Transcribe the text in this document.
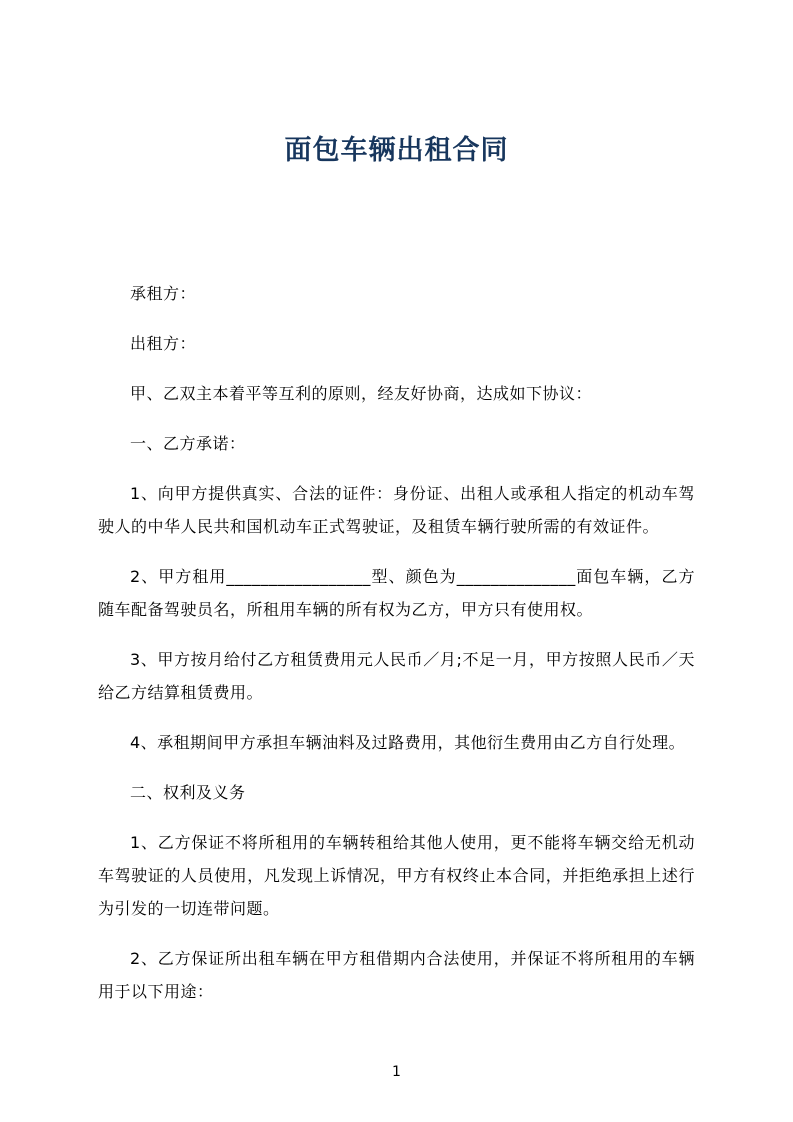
面包车辆出租合同

承租方：

出租方：

甲、乙双主本着平等互利的原则，经友好协商，达成如下协议：

一、乙方承诺：

1、向甲方提供真实、合法的证件：身份证、出租人或承租人指定的机动车驾驶人的中华人民共和国机动车正式驾驶证，及租赁车辆行驶所需的有效证件。

2、甲方租用_________________型、颜色为______________面包车辆，乙方随车配备驾驶员名，所租用车辆的所有权为乙方，甲方只有使用权。

3、甲方按月给付乙方租赁费用元人民币／月;不足一月，甲方按照人民币／天给乙方结算租赁费用。

4、承租期间甲方承担车辆油料及过路费用，其他衍生费用由乙方自行处理。

二、权利及义务

1、乙方保证不将所租用的车辆转租给其他人使用，更不能将车辆交给无机动车驾驶证的人员使用，凡发现上诉情况，甲方有权终止本合同，并拒绝承担上述行为引发的一切连带问题。

2、乙方保证所出租车辆在甲方租借期内合法使用，并保证不将所租用的车辆用于以下用途：

1
